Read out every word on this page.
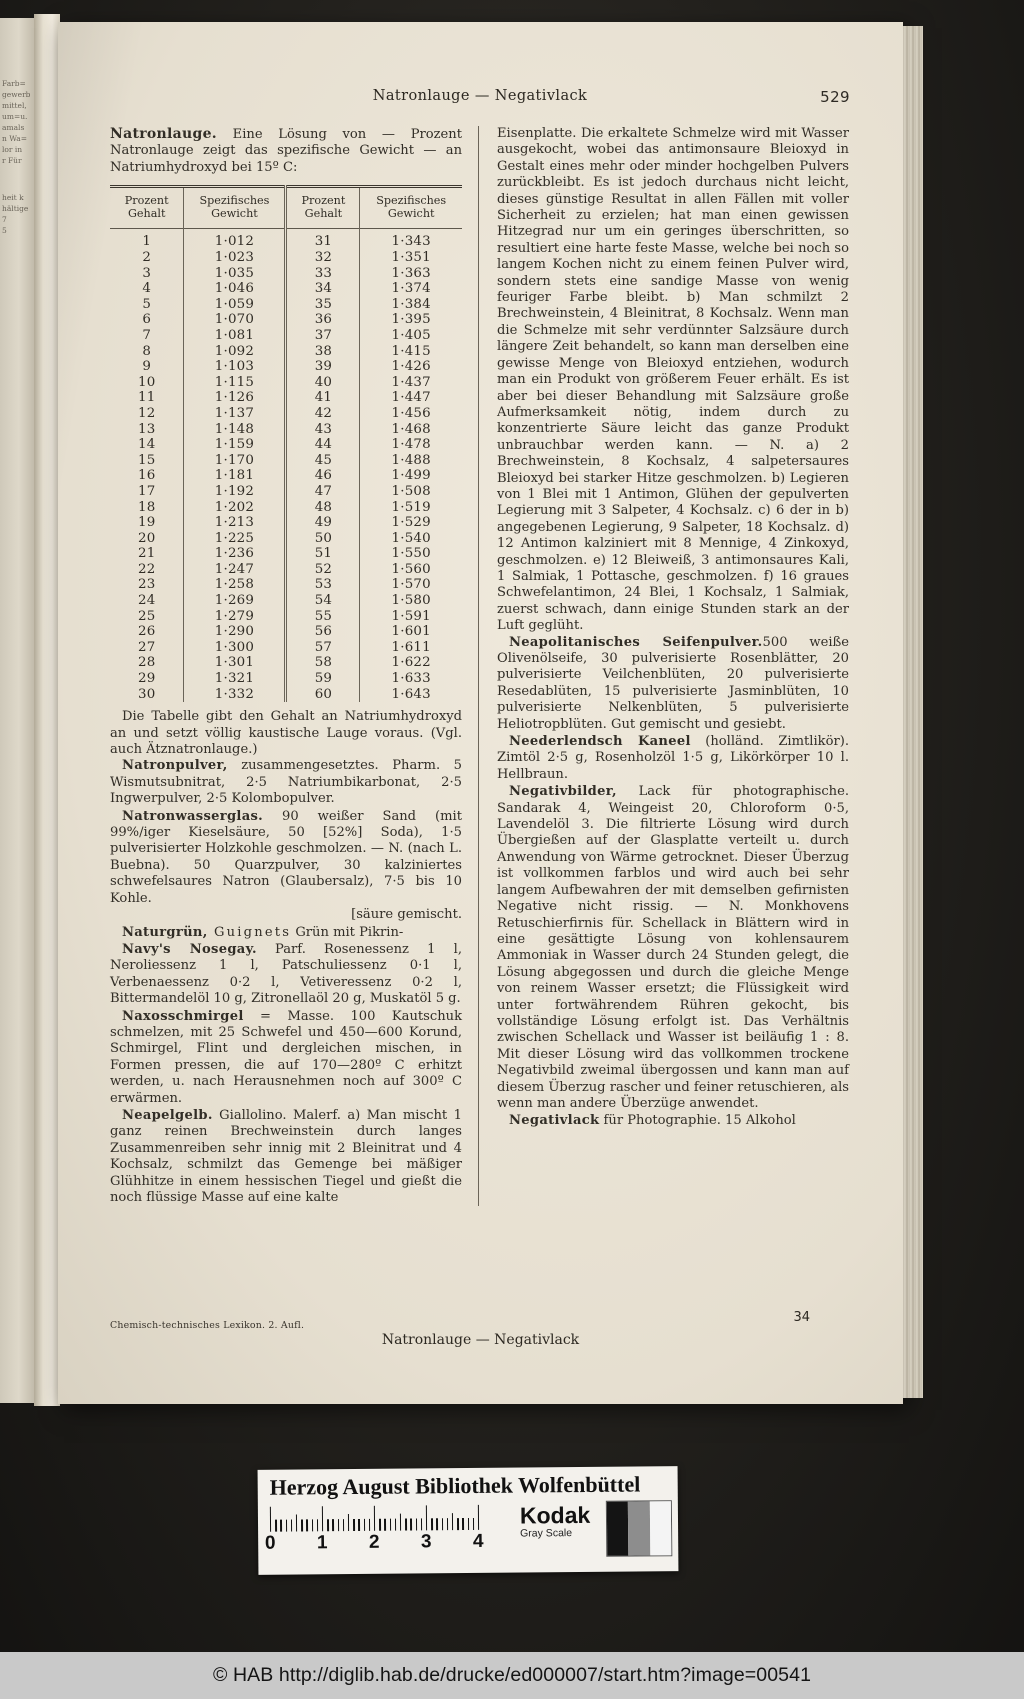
Farb=
gewerb
mittel,
um=u.
amals
n Wa=
lor in
r Für
heit k
hältige
7
5
Natronlauge — Negativlack	529

Natronlauge. Eine Lösung von — Prozent Natronlauge zeigt das spezifische Gewicht — an Natriumhydroxyd bei 15º C:

Prozent
Gehalt

Spezifisches
Gewicht

Prozent
Gehalt

Spezifisches
Gewicht

1	1·012	31	1·343
2	1·023	32	1·351
3	1·035	33	1·363
4	1·046	34	1·374
5	1·059	35	1·384
6	1·070	36	1·395
7	1·081	37	1·405
8	1·092	38	1·415
9	1·103	39	1·426
10	1·115	40	1·437
11	1·126	41	1·447
12	1·137	42	1·456
13	1·148	43	1·468
14	1·159	44	1·478
15	1·170	45	1·488
16	1·181	46	1·499
17	1·192	47	1·508
18	1·202	48	1·519
19	1·213	49	1·529
20	1·225	50	1·540
21	1·236	51	1·550
22	1·247	52	1·560
23	1·258	53	1·570
24	1·269	54	1·580
25	1·279	55	1·591
26	1·290	56	1·601
27	1·300	57	1·611
28	1·301	58	1·622
29	1·321	59	1·633
30	1·332	60	1·643

Die Tabelle gibt den Gehalt an Natriumhydroxyd an und setzt völlig kaustische Lauge voraus. (Vgl. auch Ätznatronlauge.)

Natronpulver, zusammengesetztes. Pharm. 5 Wismutsubnitrat, 2·5 Natriumbikarbonat, 2·5 Ingwerpulver, 2·5 Kolombopulver.

Natronwasserglas. 90 weißer Sand (mit 99%/iger Kieselsäure, 50 [52%] Soda), 1·5 pulverisierter Holzkohle geschmolzen. — N. (nach L. Buebna). 50 Quarzpulver, 30 kalziniertes schwefelsaures Natron (Glaubersalz), 7·5 bis 10 Kohle.

[säure gemischt.

Naturgrün, Guignets Grün mit Pikrin-

Navy's Nosegay. Parf. Rosenessenz 1 l, Neroliessenz 1 l, Patschuliessenz 0·1 l, Verbenaessenz 0·2 l, Vetiveressenz 0·2 l, Bittermandelöl 10 g, Zitronellaöl 20 g, Muskatöl 5 g.

Naxosschmirgel = Masse. 100 Kautschuk schmelzen, mit 25 Schwefel und 450—600 Korund, Schmirgel, Flint und dergleichen mischen, in Formen pressen, die auf 170—280º C erhitzt werden, u. nach Herausnehmen noch auf 300º C erwärmen.

Neapelgelb. Giallolino. Malerf. a) Man mischt 1 ganz reinen Brechweinstein durch langes Zusammenreiben sehr innig mit 2 Bleinitrat und 4 Kochsalz, schmilzt das Gemenge bei mäßiger Glühhitze in einem hessischen Tiegel und gießt die noch flüssige Masse auf eine kalte

Eisenplatte. Die erkaltete Schmelze wird mit Wasser ausgekocht, wobei das antimonsaure Bleioxyd in Gestalt eines mehr oder minder hochgelben Pulvers zurückbleibt. Es ist jedoch durchaus nicht leicht, dieses günstige Resultat in allen Fällen mit voller Sicherheit zu erzielen; hat man einen gewissen Hitzegrad nur um ein geringes überschritten, so resultiert eine harte feste Masse, welche bei noch so langem Kochen nicht zu einem feinen Pulver wird, sondern stets eine sandige Masse von wenig feuriger Farbe bleibt. b) Man schmilzt 2 Brechweinstein, 4 Bleinitrat, 8 Kochsalz. Wenn man die Schmelze mit sehr verdünnter Salzsäure durch längere Zeit behandelt, so kann man derselben eine gewisse Menge von Bleioxyd entziehen, wodurch man ein Produkt von größerem Feuer erhält. Es ist aber bei dieser Behandlung mit Salzsäure große Aufmerksamkeit nötig, indem durch zu konzentrierte Säure leicht das ganze Produkt unbrauchbar werden kann. — N. a) 2 Brechweinstein, 8 Kochsalz, 4 salpetersaures Bleioxyd bei starker Hitze geschmolzen. b) Legieren von 1 Blei mit 1 Antimon, Glühen der gepulverten Legierung mit 3 Salpeter, 4 Kochsalz. c) 6 der in b) angegebenen Legierung, 9 Salpeter, 18 Kochsalz. d) 12 Antimon kalziniert mit 8 Mennige, 4 Zinkoxyd, geschmolzen. e) 12 Bleiweiß, 3 antimonsaures Kali, 1 Salmiak, 1 Pottasche, geschmolzen. f) 16 graues Schwefelantimon, 24 Blei, 1 Kochsalz, 1 Salmiak, zuerst schwach, dann einige Stunden stark an der Luft geglüht.

Neapolitanisches Seifenpulver.500 weiße Olivenölseife, 30 pulverisierte Rosenblätter, 20 pulverisierte Veilchenblüten, 20 pulverisierte Resedablüten, 15 pulverisierte Jasminblüten, 10 pulverisierte Nelkenblüten, 5 pulverisierte Heliotropblüten. Gut gemischt und gesiebt.

Neederlendsch Kaneel (holländ. Zimtlikör). Zimtöl 2·5 g, Rosenholzöl 1·5 g, Likörkörper 10 l. Hellbraun.

Negativbilder, Lack für photographische. Sandarak 4, Weingeist 20, Chloroform 0·5, Lavendelöl 3. Die filtrierte Lösung wird durch Übergießen auf der Glasplatte verteilt u. durch Anwendung von Wärme getrocknet. Dieser Überzug ist vollkommen farblos und wird auch bei sehr langem Aufbewahren der mit demselben gefirnisten Negative nicht rissig. — N. Monkhovens Retuschierfirnis für. Schellack in Blättern wird in eine gesättigte Lösung von kohlensaurem Ammoniak in Wasser durch 24 Stunden gelegt, die Lösung abgegossen und durch die gleiche Menge von reinem Wasser ersetzt; die Flüssigkeit wird unter fortwährendem Rühren gekocht, bis vollständige Lösung erfolgt ist. Das Verhältnis zwischen Schellack und Wasser ist beiläufig 1 : 8. Mit dieser Lösung wird das vollkommen trockene Negativbild zweimal übergossen und kann man auf diesem Überzug rascher und feiner retuschieren, als wenn man andere Überzüge anwendet.

Negativlack für Photographie. 15 Alkohol

Chemisch-technisches Lexikon. 2. Aufl.
34
Natronlauge — Negativlack
Herzog August Bibliothek Wolfenbüttel
0 1 2 3 4
Kodak
Gray Scale
© HAB http://diglib.hab.de/drucke/ed000007/start.htm?image=00541
